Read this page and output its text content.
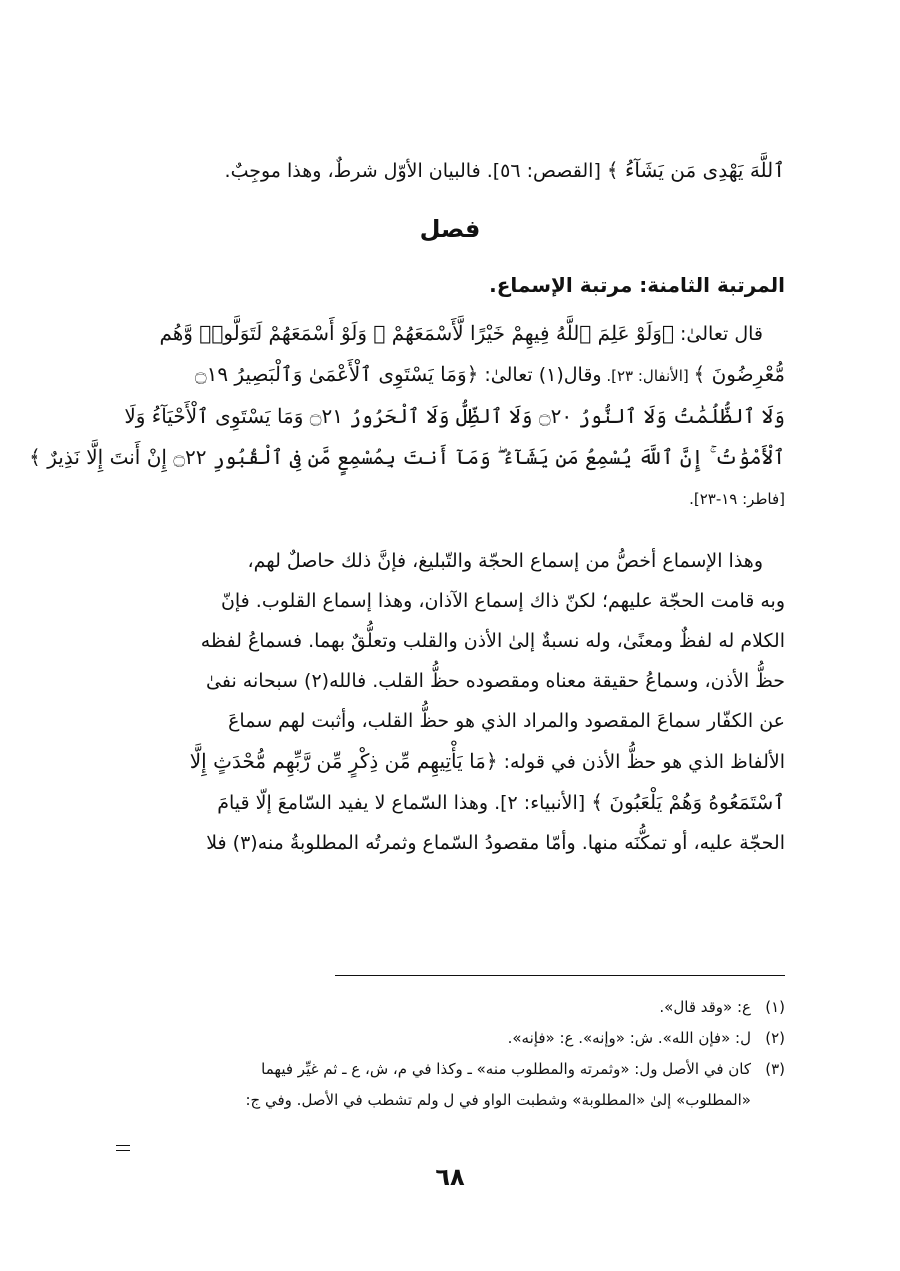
ٱللَّهَ يَهْدِى مَن يَشَآءُ ﴾ [القصص: ٥٦]. فالبيان الأوّل شرطٌ، وهذا موجِبٌ.
فصل
المرتبة الثامنة: مرتبة الإسماع.
قال تعالىٰ: ﴿وَلَوْ عَلِمَ ٱللَّهُ فِيهِمْ خَيْرًا لَّأَسْمَعَهُمْ ۖ وَلَوْ أَسْمَعَهُمْ لَتَوَلَّوا۟ وَّهُم
مُّعْرِضُونَ ﴾ [الأنفال: ٢٣]. وقال(١) تعالىٰ: ﴿وَمَا يَسْتَوِى ٱلْأَعْمَىٰ وَٱلْبَصِيرُ ۝١٩
وَلَا ٱلظُّلُمَٰتُ وَلَا ٱلنُّورُ ۝٢٠ وَلَا ٱلظِّلُّ وَلَا ٱلْحَرُورُ ۝٢١ وَمَا يَسْتَوِى ٱلْأَحْيَآءُ وَلَا
ٱلْأَمْوَٰتُ ۚ إِنَّ ٱللَّهَ يُسْمِعُ مَن يَشَآءُ ۖ وَمَآ أَنتَ بِمُسْمِعٍ مَّن فِى ٱلْقُبُورِ ۝٢٢ إِنْ أَنتَ إِلَّا نَذِيرٌ ﴾
[فاطر: ١٩-٢٣].
وهذا الإسماع أخصُّ من إسماع الحجّة والتّبليغ، فإنَّ ذلك حاصلٌ لهم،
وبه قامت الحجّة عليهم؛ لكنّ ذاك إسماع الآذان، وهذا إسماع القلوب. فإنّ
الكلام له لفظٌ ومعنًىٰ، وله نسبةٌ إلىٰ الأذن والقلب وتعلُّقٌ بهما. فسماعُ لفظه
حظُّ الأذن، وسماعُ حقيقة معناه ومقصوده حظُّ القلب. فالله(٢) سبحانه نفىٰ
عن الكفّار سماعَ المقصود والمراد الذي هو حظُّ القلب، وأثبت لهم سماعَ
الألفاظ الذي هو حظُّ الأذن في قوله: ﴿مَا يَأْتِيهِم مِّن ذِكْرٍ مِّن رَّبِّهِم مُّحْدَثٍ إِلَّا
ٱسْتَمَعُوهُ وَهُمْ يَلْعَبُونَ ﴾ [الأنبياء: ٢]. وهذا السّماع لا يفيد السّامعَ إلّا قيامَ
الحجّة عليه، أو تمكُّنَه منها. وأمّا مقصودُ السّماع وثمرتُه المطلوبةُ منه(٣) فلا
(١)ع: «وقد قال».
(٢)ل: «فإن الله». ش: «وإنه». ع: «فإنه».
(٣)كان في الأصل ول: «وثمرته والمطلوب منه» ـ وكذا في م، ش، ع ـ ثم غيِّر فيهما
«المطلوب» إلىٰ «المطلوبة» وشطبت الواو في ل ولم تشطب في الأصل. وفي ج:
٦٨
